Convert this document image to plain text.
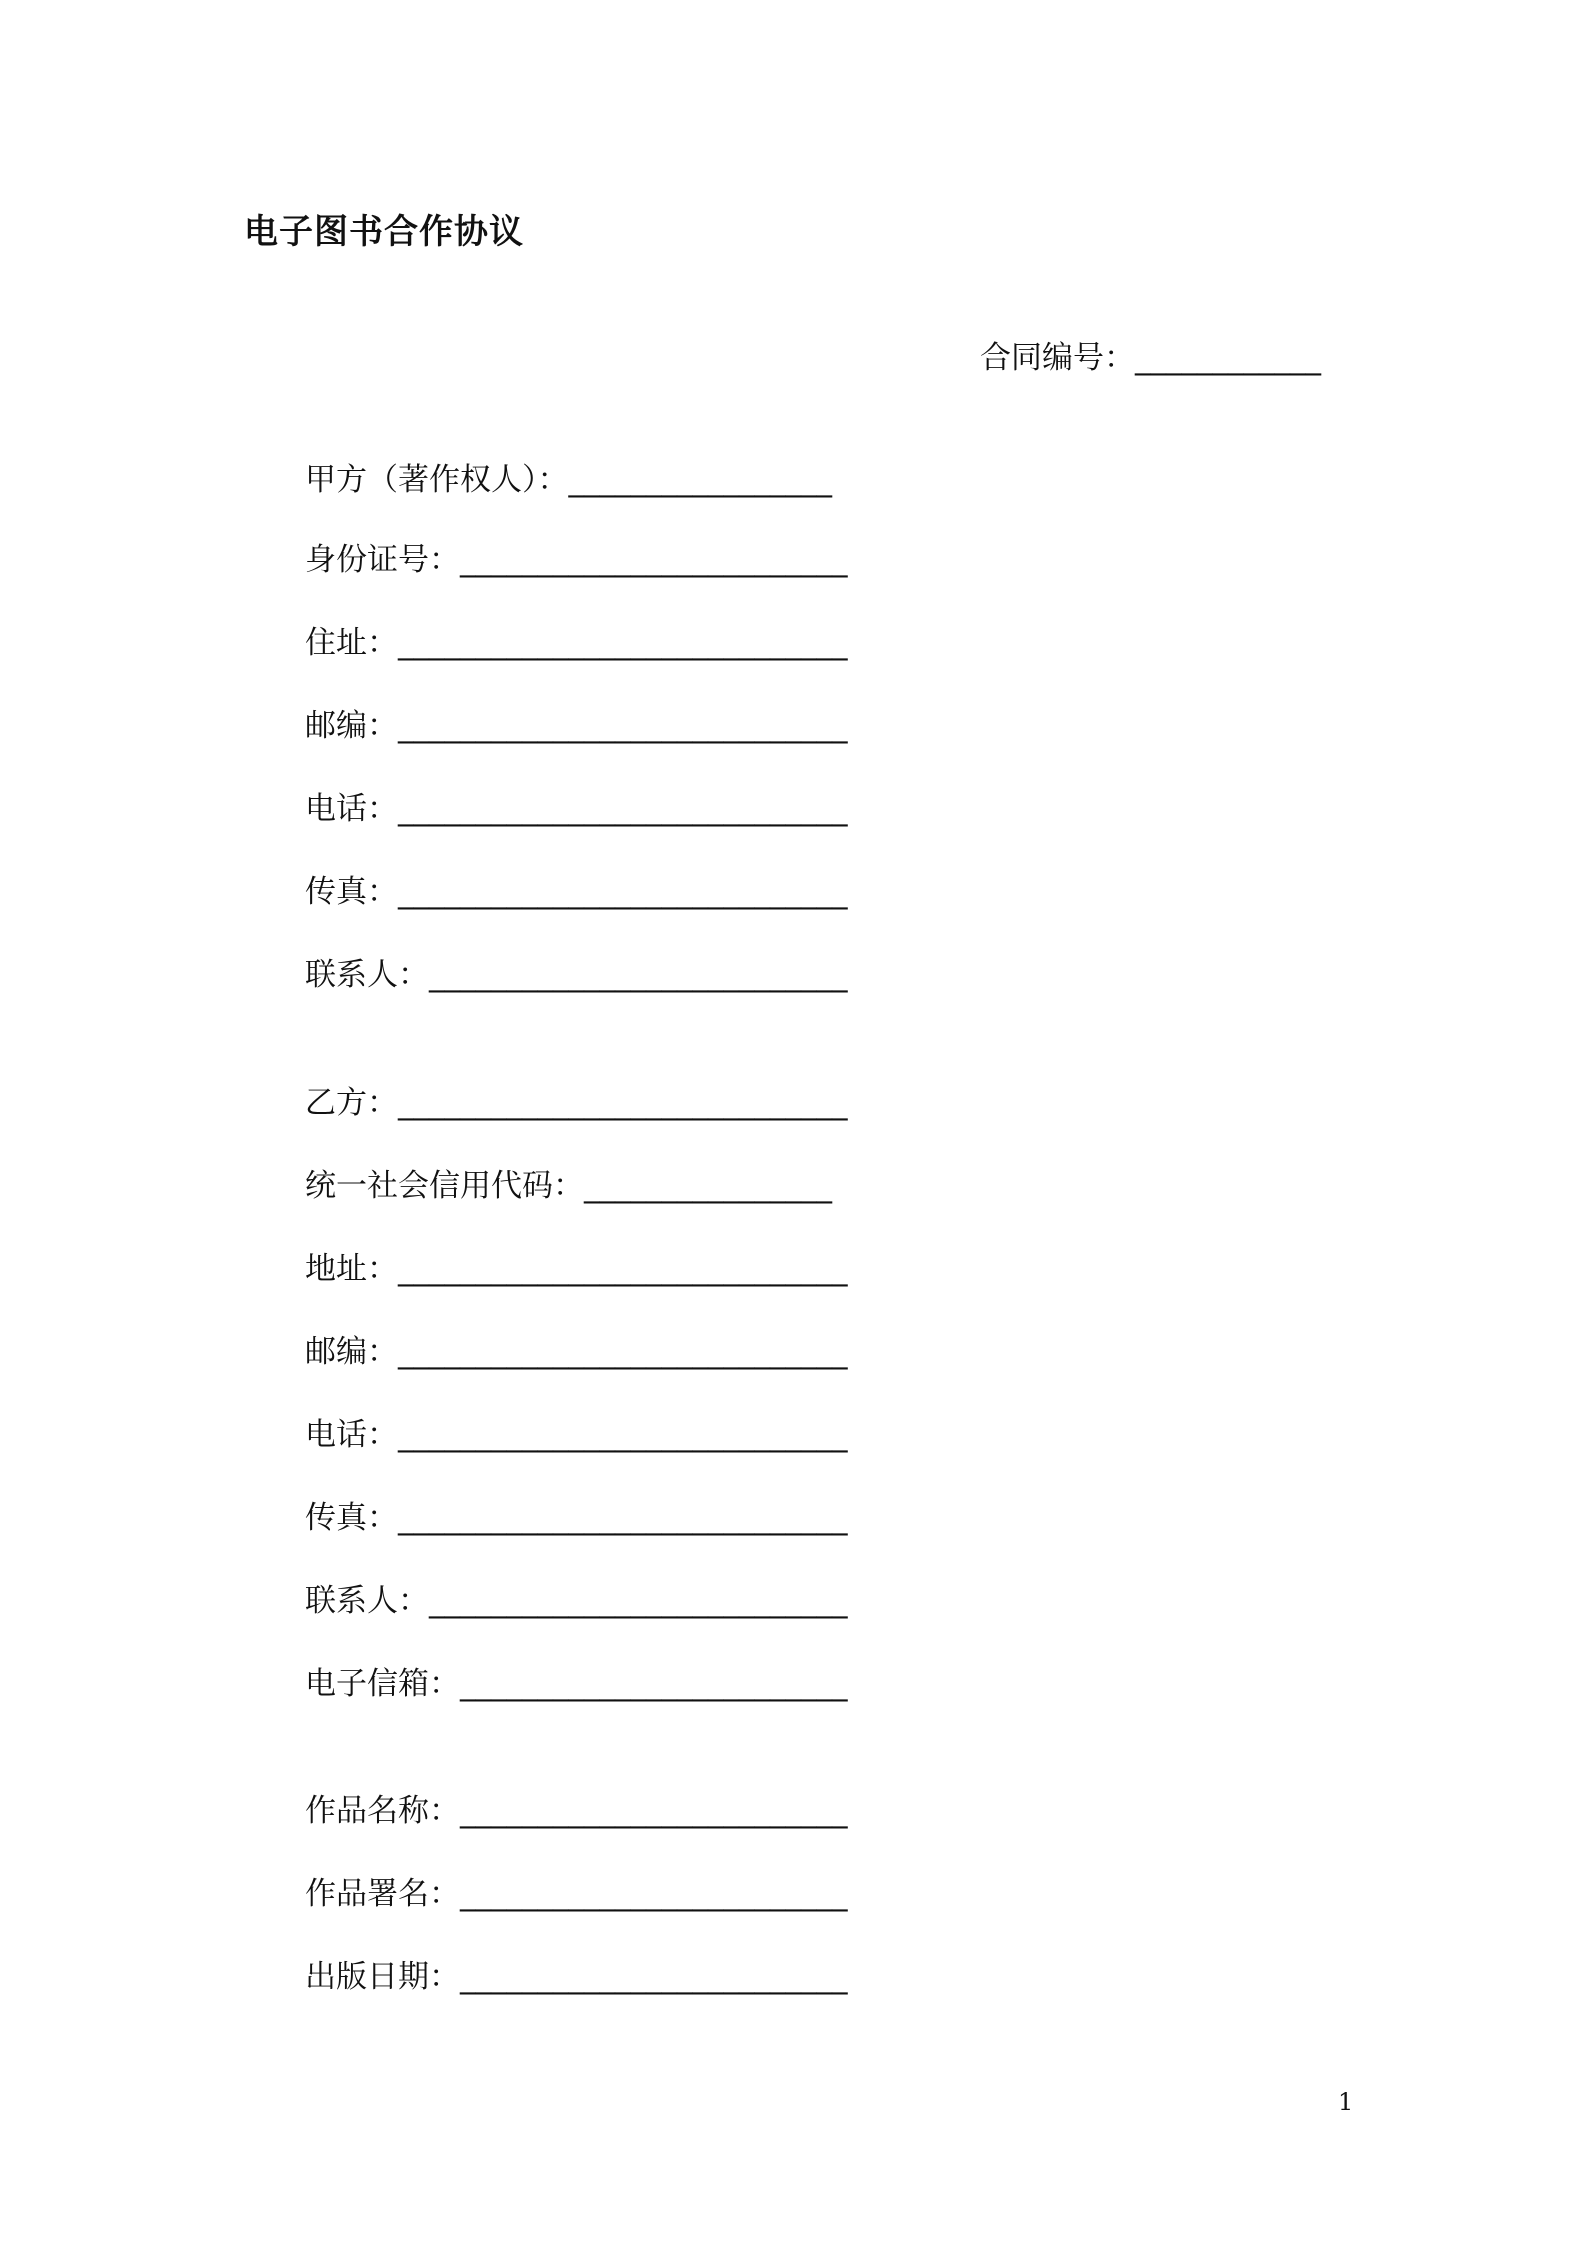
电子图书合作协议
合同编号：____________
甲方（著作权人）：_________________
身份证号：_________________________
住址：_____________________________
邮编：_____________________________
电话：_____________________________
传真：_____________________________
联系人：___________________________
乙方：_____________________________
统一社会信用代码：________________
地址：_____________________________
邮编：_____________________________
电话：_____________________________
传真：_____________________________
联系人：___________________________
电子信箱：_________________________
作品名称：_________________________
作品署名：_________________________
出版日期：_________________________
1
